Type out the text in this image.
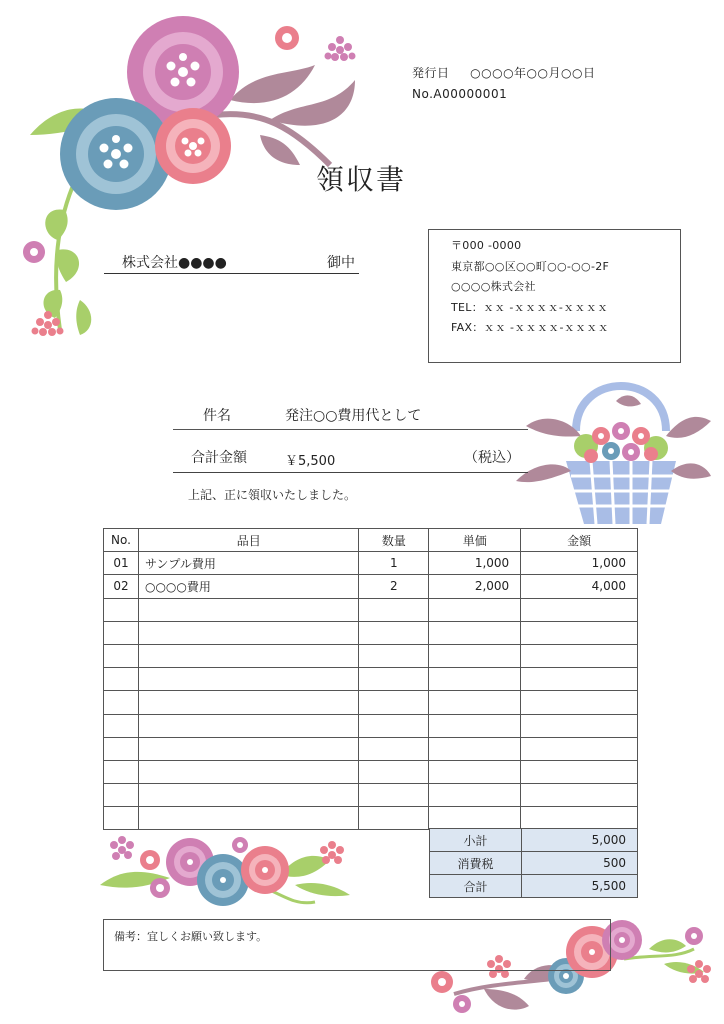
発行日 ○○○○年○○月○○日
No.A00000001
領収書
株式会社●●●●	御中
〒000 -0000
東京都○○区○○町○○-○○-2F
○○○○株式会社
TEL：ｘｘ -ｘｘｘｘ-ｘｘｘｘ
FAX：ｘｘ -ｘｘｘｘ-ｘｘｘｘ
件名	発注○○費用代として
合計金額	￥5,500	（税込）
上記、正に領収いたしました。
No.	品目	数量	単価	金額
01	サンプル費用	1	1,000	1,000
02	○○○○費用	2	2,000	4,000

小計	5,000
消費税	500
合計	5,500
備考：宜しくお願い致します。
